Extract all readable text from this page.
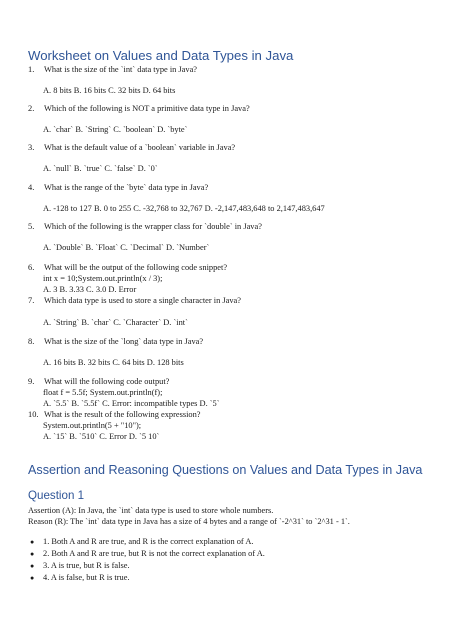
Worksheet on Values and Data Types in Java
1. What is the size of the `int` data type in Java?
A. 8 bits B. 16 bits C. 32 bits D. 64 bits
2. Which of the following is NOT a primitive data type in Java?
A. `char` B. `String` C. `boolean` D. `byte`
3. What is the default value of a `boolean` variable in Java?
A. `null` B. `true` C. `false` D. `0`
4. What is the range of the `byte` data type in Java?
A. -128 to 127 B. 0 to 255 C. -32,768 to 32,767 D. -2,147,483,648 to 2,147,483,647
5. Which of the following is the wrapper class for `double` in Java?
A. `Double` B. `Float` C. `Decimal` D. `Number`
6. What will be the output of the following code snippet?
int x = 10;System.out.println(x / 3);
A. 3 B. 3.33 C. 3.0 D. Error
7. Which data type is used to store a single character in Java?
A. `String` B. `char` C. `Character` D. `int`
8. What is the size of the `long` data type in Java?
A. 16 bits B. 32 bits C. 64 bits D. 128 bits
9. What will the following code output?
float f = 5.5f; System.out.println(f);
A. `5.5` B. `5.5f` C. Error: incompatible types D. `5`
10. What is the result of the following expression?
System.out.println(5 + "10");
A. `15` B. `510` C. Error D. `5 10`
Assertion and Reasoning Questions on Values and Data Types in Java
Question 1
Assertion (A): In Java, the `int` data type is used to store whole numbers.
Reason (R): The `int` data type in Java has a size of 4 bytes and a range of `-2^31` to `2^31 - 1`.
● 1. Both A and R are true, and R is the correct explanation of A.
● 2. Both A and R are true, but R is not the correct explanation of A.
● 3. A is true, but R is false.
● 4. A is false, but R is true.
